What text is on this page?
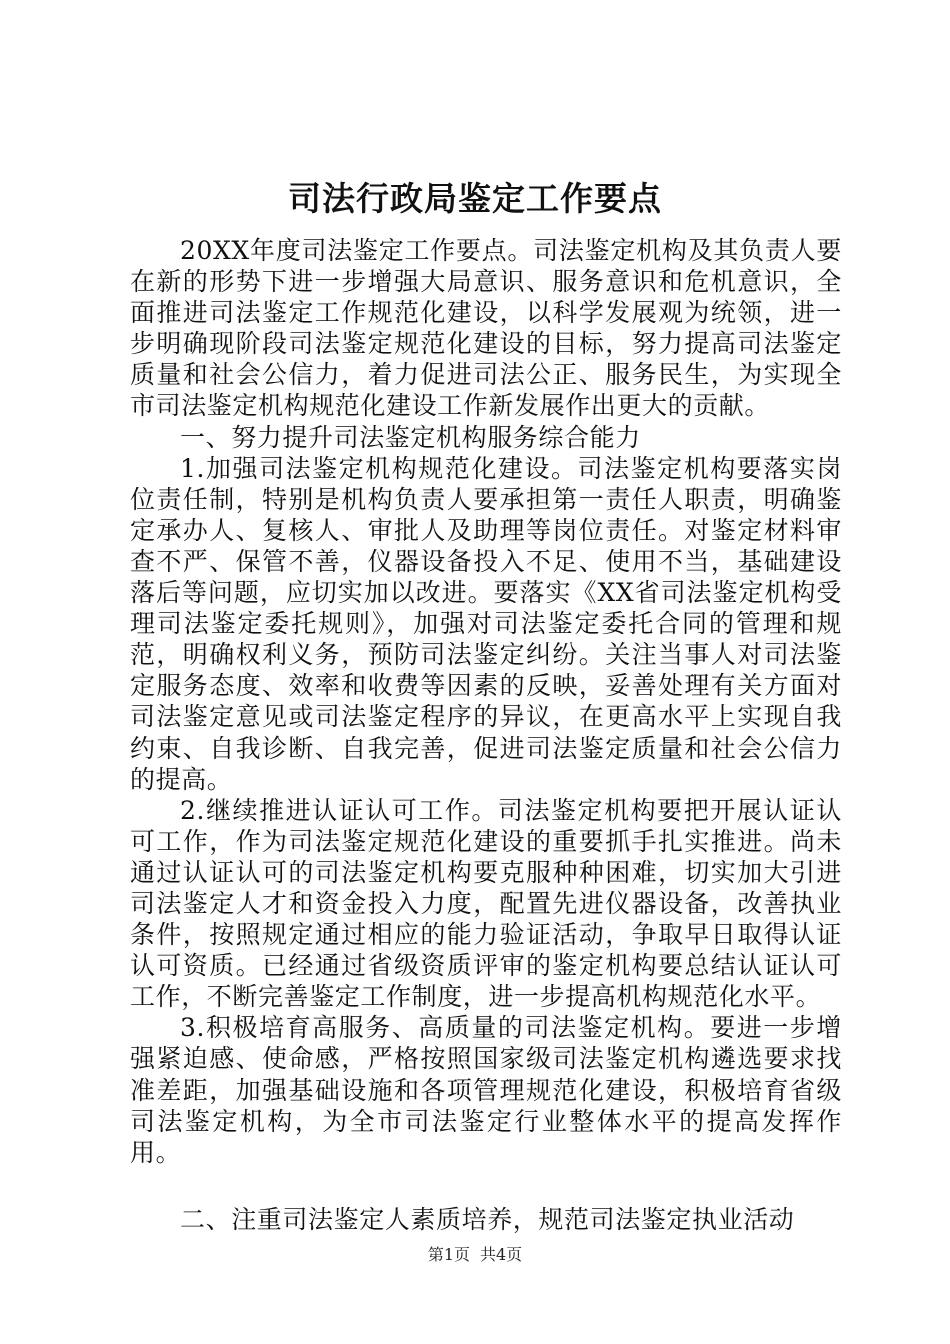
司法行政局鉴定工作要点

20XX年度司法鉴定工作要点。司法鉴定机构及其负责人要在新的形势下进一步增强大局意识、服务意识和危机意识，全面推进司法鉴定工作规范化建设，以科学发展观为统领，进一步明确现阶段司法鉴定规范化建设的目标，努力提高司法鉴定质量和社会公信力，着力促进司法公正、服务民生，为实现全市司法鉴定机构规范化建设工作新发展作出更大的贡献。

一、努力提升司法鉴定机构服务综合能力

1.加强司法鉴定机构规范化建设。司法鉴定机构要落实岗位责任制，特别是机构负责人要承担第一责任人职责，明确鉴定承办人、复核人、审批人及助理等岗位责任。对鉴定材料审查不严、保管不善，仪器设备投入不足、使用不当，基础建设落后等问题，应切实加以改进。要落实《XX省司法鉴定机构受理司法鉴定委托规则》，加强对司法鉴定委托合同的管理和规范，明确权利义务，预防司法鉴定纠纷。关注当事人对司法鉴定服务态度、效率和收费等因素的反映，妥善处理有关方面对司法鉴定意见或司法鉴定程序的异议，在更高水平上实现自我约束、自我诊断、自我完善，促进司法鉴定质量和社会公信力的提高。

2.继续推进认证认可工作。司法鉴定机构要把开展认证认可工作，作为司法鉴定规范化建设的重要抓手扎实推进。尚未通过认证认可的司法鉴定机构要克服种种困难，切实加大引进司法鉴定人才和资金投入力度，配置先进仪器设备，改善执业条件，按照规定通过相应的能力验证活动，争取早日取得认证认可资质。已经通过省级资质评审的鉴定机构要总结认证认可工作，不断完善鉴定工作制度，进一步提高机构规范化水平。

3.积极培育高服务、高质量的司法鉴定机构。要进一步增强紧迫感、使命感，严格按照国家级司法鉴定机构遴选要求找准差距，加强基础设施和各项管理规范化建设，积极培育省级司法鉴定机构，为全市司法鉴定行业整体水平的提高发挥作用。

二、注重司法鉴定人素质培养，规范司法鉴定执业活动

第1页 共4页
